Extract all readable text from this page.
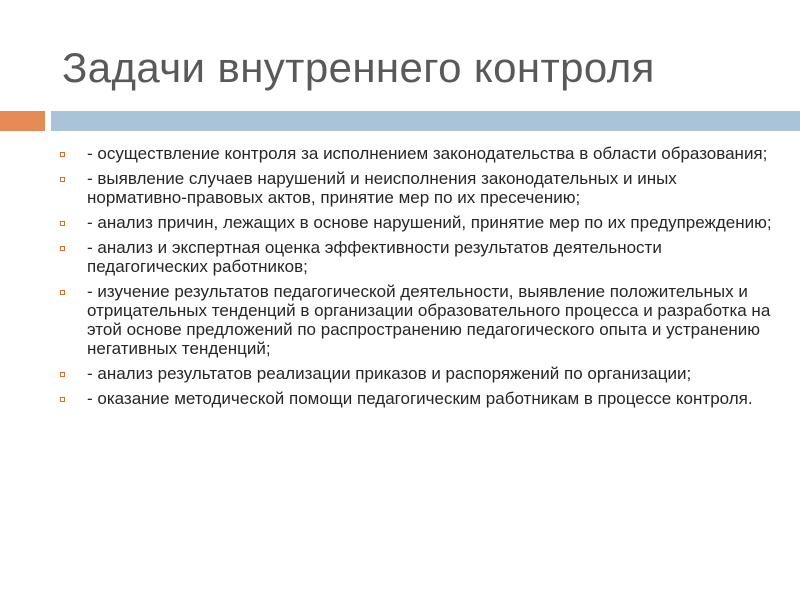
Задачи внутреннего контроля
- осуществление контроля за исполнением законодательства в области образования;
- выявление случаев нарушений и неисполнения законодательных и иных нормативно-правовых актов, принятие мер по их пресечению;
- анализ причин, лежащих в основе нарушений, принятие мер по их предупреждению;
- анализ и экспертная оценка эффективности результатов деятельности педагогических работников;
- изучение результатов педагогической деятельности, выявление положительных и отрицательных тенденций в организации образовательного процесса и разработка на этой основе предложений по распространению педагогического опыта и устранению негативных тенденций;
- анализ результатов реализации приказов и распоряжений по организации;
- оказание методической помощи педагогическим работникам в процессе контроля.
